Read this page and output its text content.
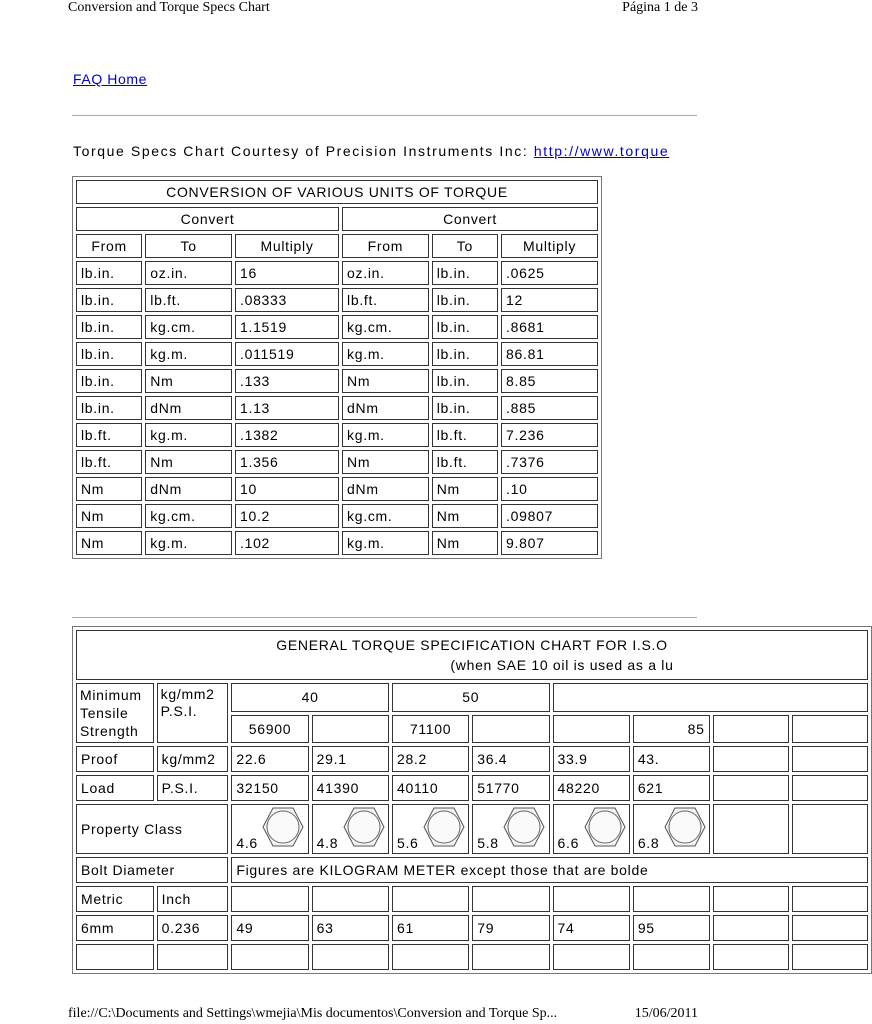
Conversion and Torque Specs Chart	Página 1 de 3
FAQ Home
Torque Specs Chart Courtesy of Precision Instruments Inc: http://www.torque
CONVERSION OF VARIOUS UNITS OF TORQUE					
Convert			Convert		
From	To	Multiply	From	To	Multiply
lb.in.	oz.in.	16	oz.in.	lb.in.	.0625
lb.in.	lb.ft.	.08333	lb.ft.	lb.in.	12
lb.in.	kg.cm.	1.1519	kg.cm.	lb.in.	.8681
lb.in.	kg.m.	.011519	kg.m.	lb.in.	86.81
lb.in.	Nm	.133	Nm	lb.in.	8.85
lb.in.	dNm	1.13	dNm	lb.in.	.885
lb.ft.	kg.m.	.1382	kg.m.	lb.ft.	7.236
lb.ft.	Nm	1.356	Nm	lb.ft.	.7376
Nm	dNm	10	dNm	Nm	.10
Nm	kg.cm.	10.2	kg.cm.	Nm	.09807
Nm	kg.m.	.102	kg.m.	Nm	9.807
GENERAL TORQUE SPECIFICATION CHART FOR I.S.O
(when SAE 10 oil is used as a lu									

Minimum Tensile Strength	kg/mm2 P.S.I.	40		50					
		56900		71100			85		
Proof	kg/mm2	22.6	29.1	28.2	36.4	33.9	43.		
Load	P.S.I.	32150	41390	40110	51770	48220	621		
Property Class		4.6	4.8	5.6	5.8	6.6	6.8

Bolt Diameter		Figures are KILOGRAM METER except those that are bolde							
Metric	Inch								
6mm	0.236	49	63	61	79	74	95		

file://C:\Documents and Settings\wmejia\Mis documentos\Conversion and Torque Sp...	15/06/2011
